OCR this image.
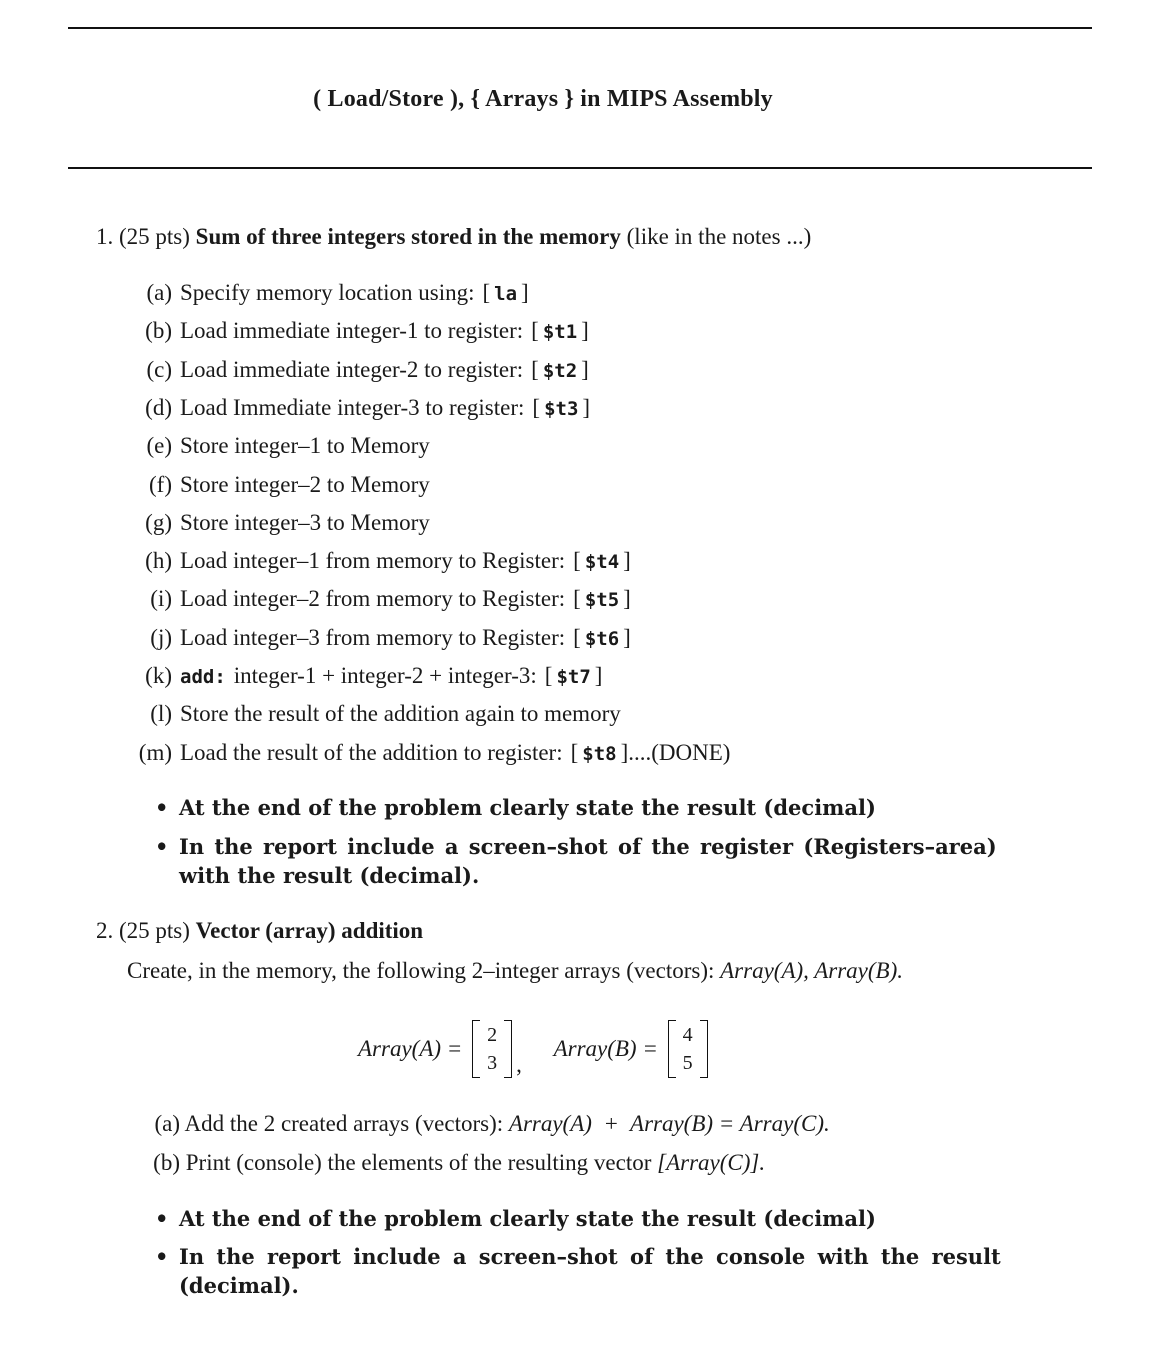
( Load/Store ), { Arrays } in MIPS Assembly
1. (25 pts) Sum of three integers stored in the memory (like in the notes ...)
(a) Specify memory location using: [ la ]
(b) Load immediate integer-1 to register: [ $t1 ]
(c) Load immediate integer-2 to register: [ $t2 ]
(d) Load Immediate integer-3 to register: [ $t3 ]
(e) Store integer–1 to Memory
(f) Store integer–2 to Memory
(g) Store integer–3 to Memory
(h) Load integer–1 from memory to Register: [ $t4 ]
(i) Load integer–2 from memory to Register: [ $t5 ]
(j) Load integer–3 from memory to Register: [ $t6 ]
(k) add: integer-1 + integer-2 + integer-3: [ $t7 ]
(l) Store the result of the addition again to memory
(m) Load the result of the addition to register: [ $t8 ]....(DONE)
• At the end of the problem clearly state the result (decimal)
• In the report include a screen–shot of the register (Registers–area)
with the result (decimal).
2. (25 pts) Vector (array) addition
Create, in the memory, the following 2–integer arrays (vectors): Array(A), Array(B).
Array(A) =
2
3 , Array(B) =
4
5
(a) Add the 2 created arrays (vectors): Array(A)  +  Array(B) = Array(C).
(b) Print (console) the elements of the resulting vector [Array(C)].
• At the end of the problem clearly state the result (decimal)
• In the report include a screen–shot of the console with the result
(decimal).
